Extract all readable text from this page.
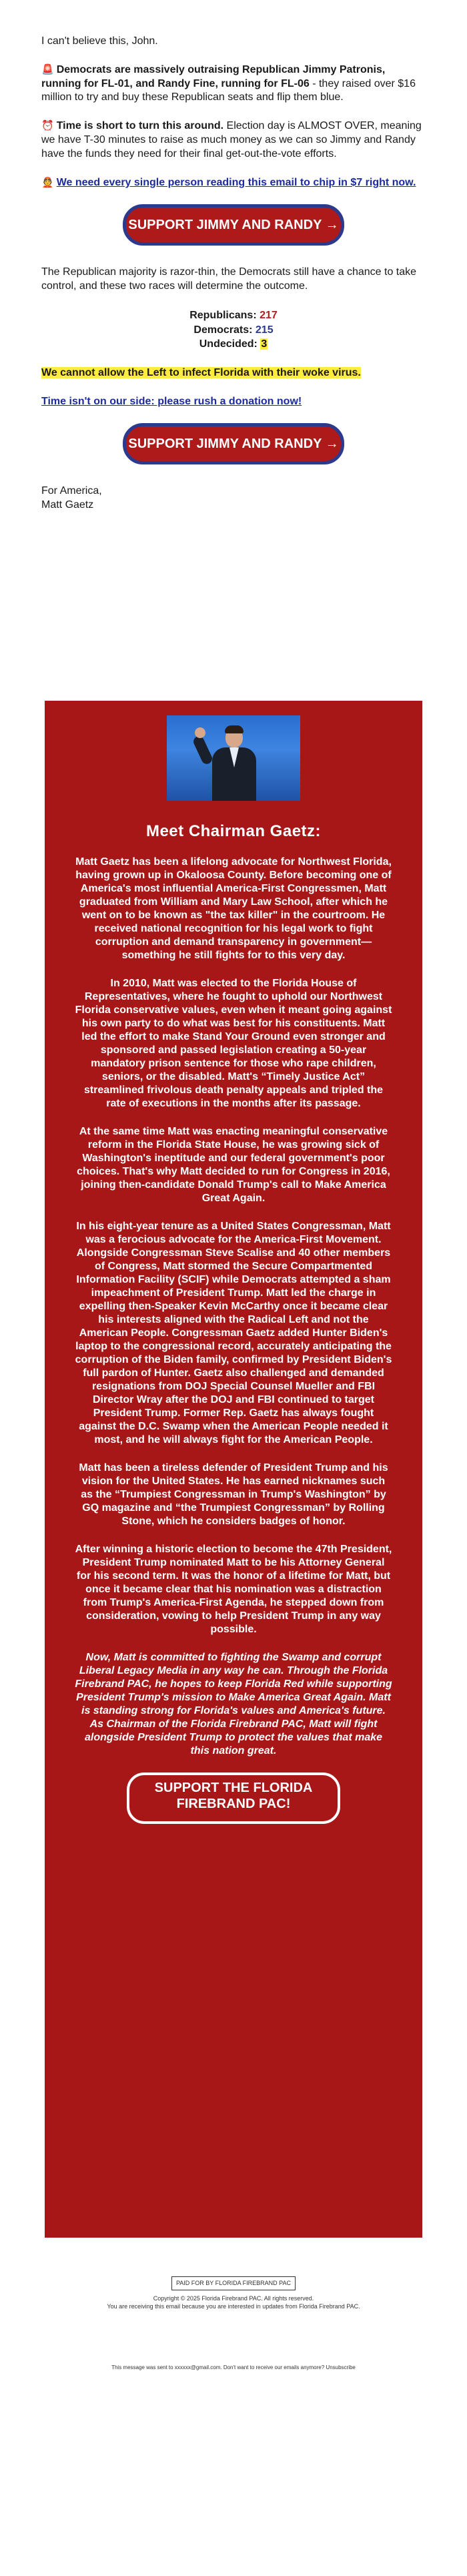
I can't believe this, John.

🚨 Democrats are massively outraising Republican Jimmy Patronis, running for FL-01, and Randy Fine, running for FL-06 - they raised over $16 million to try and buy these Republican seats and flip them blue.

⏰ Time is short to turn this around. Election day is ALMOST OVER, meaning we have T-30 minutes to raise as much money as we can so Jimmy and Randy have the funds they need for their final get-out-the-vote efforts.

👲 We need every single person reading this email to chip in $7 right now.

SUPPORT JIMMY AND RANDY →

The Republican majority is razor-thin, the Democrats still have a chance to take control, and these two races will determine the outcome.

Republicans: 217
Democrats: 215
Undecided: 3

We cannot allow the Left to infect Florida with their woke virus.

Time isn't on our side: please rush a donation now!

SUPPORT JIMMY AND RANDY →
For America,
Matt Gaetz
Meet Chairman Gaetz:

Matt Gaetz has been a lifelong advocate for Northwest Florida, having grown up in Okaloosa County. Before becoming one of America's most influential America-First Congressmen, Matt graduated from William and Mary Law School, after which he went on to be known as "the tax killer" in the courtroom. He received national recognition for his legal work to fight corruption and demand transparency in government—something he still fights for to this very day.

In 2010, Matt was elected to the Florida House of Representatives, where he fought to uphold our Northwest Florida conservative values, even when it meant going against his own party to do what was best for his constituents. Matt led the effort to make Stand Your Ground even stronger and sponsored and passed legislation creating a 50-year mandatory prison sentence for those who rape children, seniors, or the disabled. Matt's “Timely Justice Act” streamlined frivolous death penalty appeals and tripled the rate of executions in the months after its passage.

At the same time Matt was enacting meaningful conservative reform in the Florida State House, he was growing sick of Washington's ineptitude and our federal government's poor choices. That's why Matt decided to run for Congress in 2016, joining then-candidate Donald Trump's call to Make America Great Again.

In his eight-year tenure as a United States Congressman, Matt was a ferocious advocate for the America-First Movement. Alongside Congressman Steve Scalise and 40 other members of Congress, Matt stormed the Secure Compartmented Information Facility (SCIF) while Democrats attempted a sham impeachment of President Trump. Matt led the charge in expelling then-Speaker Kevin McCarthy once it became clear his interests aligned with the Radical Left and not the American People. Congressman Gaetz added Hunter Biden's laptop to the congressional record, accurately anticipating the corruption of the Biden family, confirmed by President Biden's full pardon of Hunter. Gaetz also challenged and demanded resignations from DOJ Special Counsel Mueller and FBI Director Wray after the DOJ and FBI continued to target President Trump. Former Rep. Gaetz has always fought against the D.C. Swamp when the American People needed it most, and he will always fight for the American People.

Matt has been a tireless defender of President Trump and his vision for the United States. He has earned nicknames such as the “Trumpiest Congressman in Trump's Washington” by GQ magazine and “the Trumpiest Congressman” by Rolling Stone, which he considers badges of honor.

After winning a historic election to become the 47th President, President Trump nominated Matt to be his Attorney General for his second term. It was the honor of a lifetime for Matt, but once it became clear that his nomination was a distraction from Trump's America-First Agenda, he stepped down from consideration, vowing to help President Trump in any way possible.

Now, Matt is committed to fighting the Swamp and corrupt Liberal Legacy Media in any way he can. Through the Florida Firebrand PAC, he hopes to keep Florida Red while supporting President Trump's mission to Make America Great Again. Matt is standing strong for Florida's values and America's future. As Chairman of the Florida Firebrand PAC, Matt will fight alongside President Trump to protect the values that make this nation great.

SUPPORT THE FLORIDA FIREBRAND PAC!
PAID FOR BY FLORIDA FIREBRAND PAC
Copyright © 2025 Florida Firebrand PAC. All rights reserved.
You are receiving this email because you are interested in updates from Florida Firebrand PAC.
This message was sent to xxxxxx@gmail.com. Don't want to receive our emails anymore? Unsubscribe
